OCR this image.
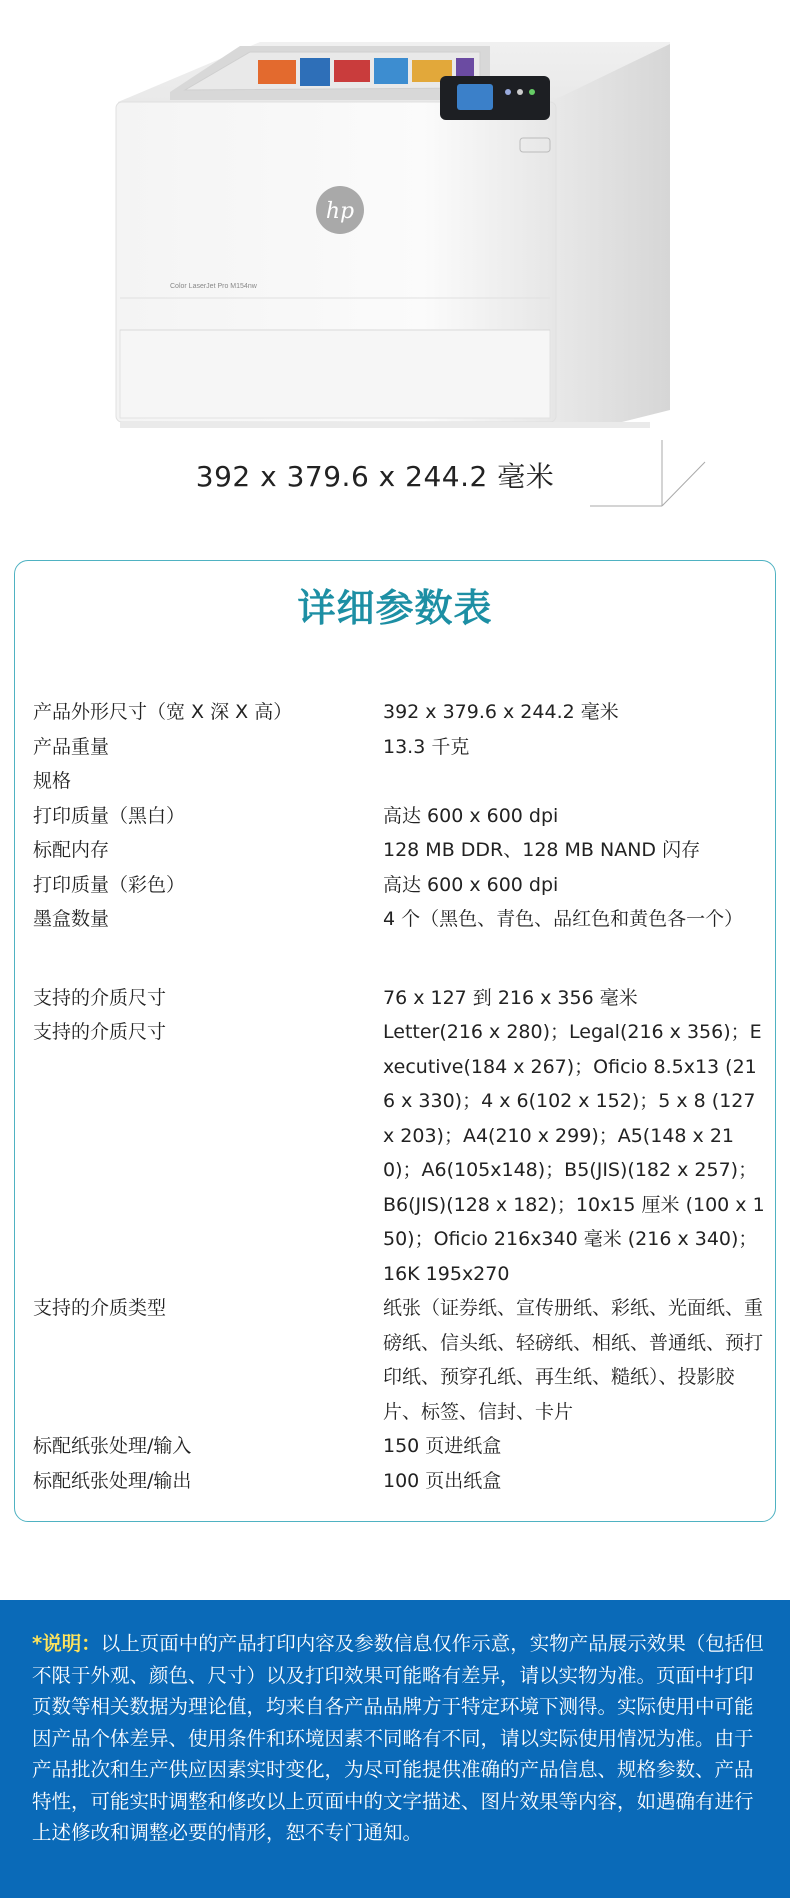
hp
Color LaserJet Pro M154nw
392 x 379.6 x 244.2 毫米
详细参数表
产品外形尺寸（宽 X 深 X 高）	392 x 379.6 x 244.2 毫米
产品重量	13.3 千克
规格
打印质量（黑白）	高达 600 x 600 dpi
标配内存	128 MB DDR、128 MB NAND 闪存
打印质量（彩色）	高达 600 x 600 dpi
墨盒数量	4 个（黑色、青色、品红色和黄色各一个）
支持的介质尺寸	76 x 127 到 216 x 356 毫米
支持的介质尺寸	Letter(216 x 280)；Legal(216 x 356)；Executive(184 x 267)；Oficio 8.5x13 (216 x 330)；4 x 6(102 x 152)；5 x 8 (127 x 203)；A4(210 x 299)；A5(148 x 210)；A6(105x148)；B5(JIS)(182 x 257)；B6(JIS)(128 x 182)；10x15 厘米 (100 x 150)；Oficio 216x340 毫米 (216 x 340)；16K 195x270
支持的介质类型	纸张（证券纸、宣传册纸、彩纸、光面纸、重磅纸、信头纸、轻磅纸、相纸、普通纸、预打印纸、预穿孔纸、再生纸、糙纸）、投影胶片、标签、信封、卡片
标配纸张处理/输入	150 页进纸盒
标配纸张处理/输出	100 页出纸盒

*说明：以上页面中的产品打印内容及参数信息仅作示意，实物产品展示效果（包括但不限于外观、颜色、尺寸）以及打印效果可能略有差异，请以实物为准。页面中打印页数等相关数据为理论值，均来自各产品品牌方于特定环境下测得。实际使用中可能因产品个体差异、使用条件和环境因素不同略有不同，请以实际使用情况为准。由于产品批次和生产供应因素实时变化，为尽可能提供准确的产品信息、规格参数、产品特性，可能实时调整和修改以上页面中的文字描述、图片效果等内容，如遇确有进行上述修改和调整必要的情形，恕不专门通知。
